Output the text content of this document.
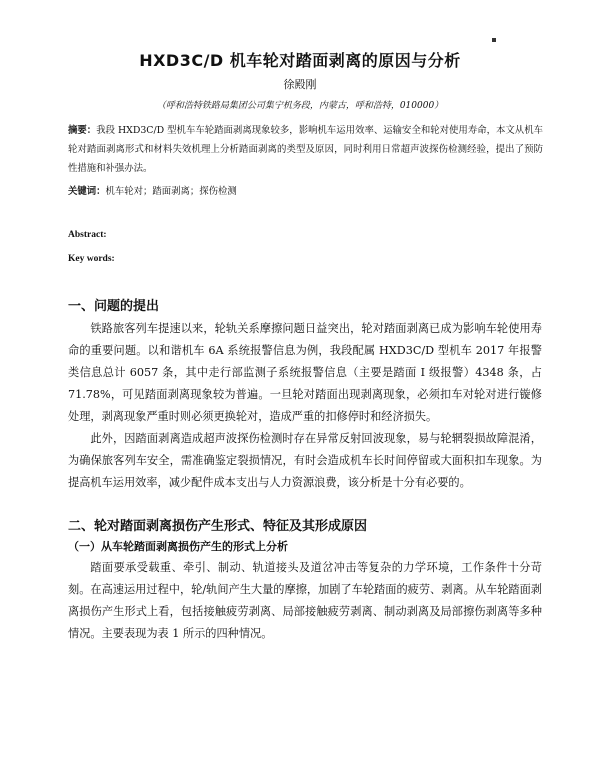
HXD3C/D 机车轮对踏面剥离的原因与分析
徐殿刚
（呼和浩特铁路局集团公司集宁机务段，内蒙古，呼和浩特，010000）
摘要：我段 HXD3C/D 型机车车轮踏面剥离现象较多，影响机车运用效率、运输安全和轮对使用寿命，本文从机车轮对踏面剥离形式和材料失效机理上分析踏面剥离的类型及原因，同时利用日常超声波探伤检测经验，提出了预防性措施和补强办法。
关键词：机车轮对；踏面剥离；探伤检测
Abstract:
Key words:
一、问题的提出
铁路旅客列车提速以来，轮轨关系摩擦问题日益突出，轮对踏面剥离已成为影响车轮使用寿命的重要问题。以和谐机车 6A 系统报警信息为例，我段配属 HXD3C/D 型机车 2017 年报警类信息总计 6057 条，其中走行部监测子系统报警信息（主要是踏面 I 级报警）4348 条，占 71.78%，可见踏面剥离现象较为普遍。一旦轮对踏面出现剥离现象，必须扣车对轮对进行镟修处理，剥离现象严重时则必须更换轮对，造成严重的扣修停时和经济损失。
此外，因踏面剥离造成超声波探伤检测时存在异常反射回波现象，易与轮辋裂损故障混淆，为确保旅客列车安全，需准确鉴定裂损情况，有时会造成机车长时间停留或大面积扣车现象。为提高机车运用效率，减少配件成本支出与人力资源浪费，该分析是十分有必要的。
二、轮对踏面剥离损伤产生形式、特征及其形成原因
（一）从车轮踏面剥离损伤产生的形式上分析
踏面要承受载重、牵引、制动、轨道接头及道岔冲击等复杂的力学环境，工作条件十分苛刻。在高速运用过程中，轮/轨间产生大量的摩擦，加剧了车轮踏面的疲劳、剥离。从车轮踏面剥离损伤产生形式上看，包括接触疲劳剥离、局部接触疲劳剥离、制动剥离及局部擦伤剥离等多种情况。主要表现为表 1 所示的四种情况。
